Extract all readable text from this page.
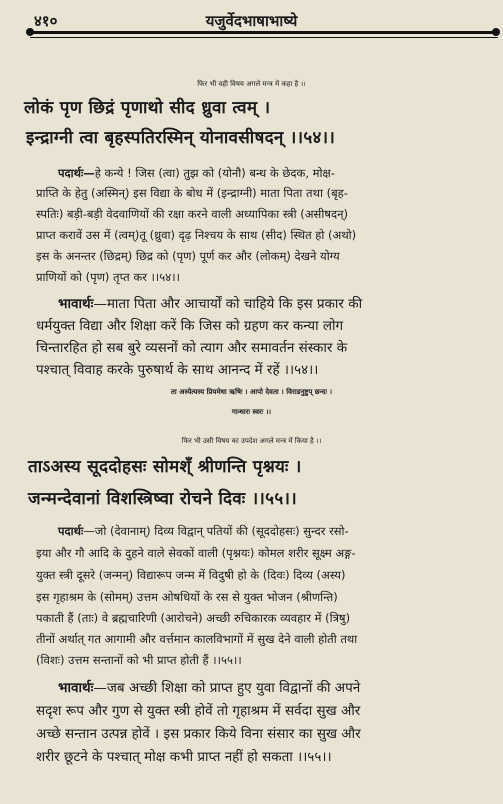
४१०	यजुर्वेदभाषाभाष्ये
फिर भी वही विषय अगले मन्त्र में कहा है ।।
लोकं पृण छिद्रं पृणाथो सीद ध्रुवा त्वम् ।
इन्द्राग्नी त्वा बृहस्पतिरस्मिन् योनावसीषदन् ।।५४।।
पदार्थः—हे कन्ये ! जिस (त्वा) तुझ को (योनौ) बन्ध के छेदक, मोक्ष-
प्राप्ति के हेतु (अस्मिन्) इस विद्या के बोध में (इन्द्राग्नी) माता पिता तथा (बृह-
स्पतिः) बड़ी-बड़ी वेदवाणियों की रक्षा करने वाली अध्यापिका स्त्री (असीषदन्)
प्राप्त करावें उस में (त्वम्)तू (ध्रुवा) दृढ़ निश्चय के साथ (सीद) स्थित हो (अथो)
इस के अनन्तर (छिद्रम्) छिद्र को (पृण) पूर्ण कर और (लोकम्) देखने योग्य
प्राणियों को (पृण) तृप्त कर ।।५४।।
भावार्थः—माता पिता और आचार्यों को चाहिये कि इस प्रकार की
धर्मयुक्त विद्या और शिक्षा करें कि जिस को ग्रहण कर कन्या लोग
चिन्तारहित हो सब बुरे व्यसनों को त्याग और समावर्तन संस्कार के
पश्चात् विवाह करके पुरुषार्थ के साथ आनन्द में रहें ।।५४।।
ता अस्येत्यस्य प्रियमेधा ऋषिः । आपो देवता । विराडनुष्टुप् छन्दः ।
गान्धारः स्वरः ।।
फिर भी उसी विषय का उपदेश अगले मन्त्र में किया है ।।
ताऽअस्य सूददोहसः सोमश्ँ श्रीणन्ति पृश्नयः ।
जन्मन्देवानां विशस्त्रिष्वा रोचने दिवः ।।५५।।
पदार्थः—जो (देवानाम्) दिव्य विद्वान् पतियों की (सूददोहसः) सुन्दर रसो-
इया और गौ आदि के दुहने वाले सेवकों वाली (पृश्नयः) कोमल शरीर सूक्ष्म अङ्ग-
युक्त स्त्री दूसरे (जन्मन्) विद्यारूप जन्म में विदुषी हो के (दिवः) दिव्य (अस्य)
इस गृहाश्रम के (सोमम्) उत्तम ओषधियों के रस से युक्त भोजन (श्रीणन्ति)
पकाती हैं (ताः) वे ब्रह्मचारिणी (आरोचने) अच्छी रुचिकारक व्यवहार में (त्रिषु)
तीनों अर्थात् गत आगामी और वर्त्तमान कालविभागों में सुख देने वाली होती तथा
(विशः) उत्तम सन्तानों को भी प्राप्त होती हैं ।।५५।।
भावार्थः—जब अच्छी शिक्षा को प्राप्त हुए युवा विद्वानों की अपने
सदृश रूप और गुण से युक्त स्त्री होवें तो गृहाश्रम में सर्वदा सुख और
अच्छे सन्तान उत्पन्न होवें । इस प्रकार किये विना संसार का सुख और
शरीर छूटने के पश्चात् मोक्ष कभी प्राप्त नहीं हो सकता ।।५५।।
